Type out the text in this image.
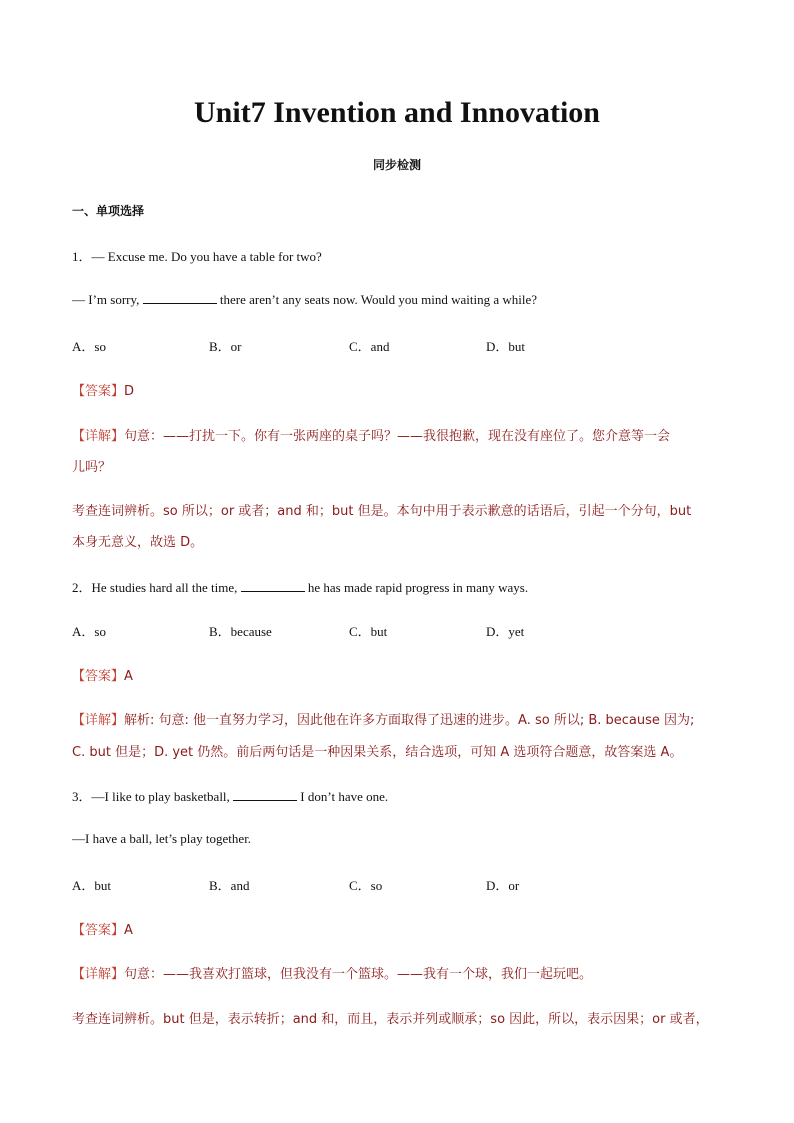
Unit7 Invention and Innovation
同步检测
一、单项选择
1．— Excuse me. Do you have a table for two?
— I’m sorry,	there aren’t any seats now. Would you mind waiting a while?
A．so	B．or	C．and	D．but
【答案】D
【详解】句意：——打扰一下。你有一张两座的桌子吗？——我很抱歉，现在没有座位了。您介意等一会
儿吗？
考查连词辨析。so 所以；or 或者；and 和；but 但是。本句中用于表示歉意的话语后，引起一个分句，but
本身无意义，故选 D。
2．He studies hard all the time,	he has made rapid progress in many ways.
A．so	B．because	C．but	D．yet
【答案】A
【详解】解析: 句意: 他一直努力学习，因此他在许多方面取得了迅速的进步。A. so 所以; B. because 因为;
C. but 但是；D. yet 仍然。前后两句话是一种因果关系，结合选项，可知 A 选项符合题意，故答案选 A。
3．—I like to play basketball,	I don’t have one.
—I have a ball, let’s play together.
A．but	B．and	C．so	D．or
【答案】A
【详解】句意：——我喜欢打篮球，但我没有一个篮球。——我有一个球，我们一起玩吧。
考查连词辨析。but 但是，表示转折；and 和，而且，表示并列或顺承；so 因此，所以，表示因果；or 或者，
